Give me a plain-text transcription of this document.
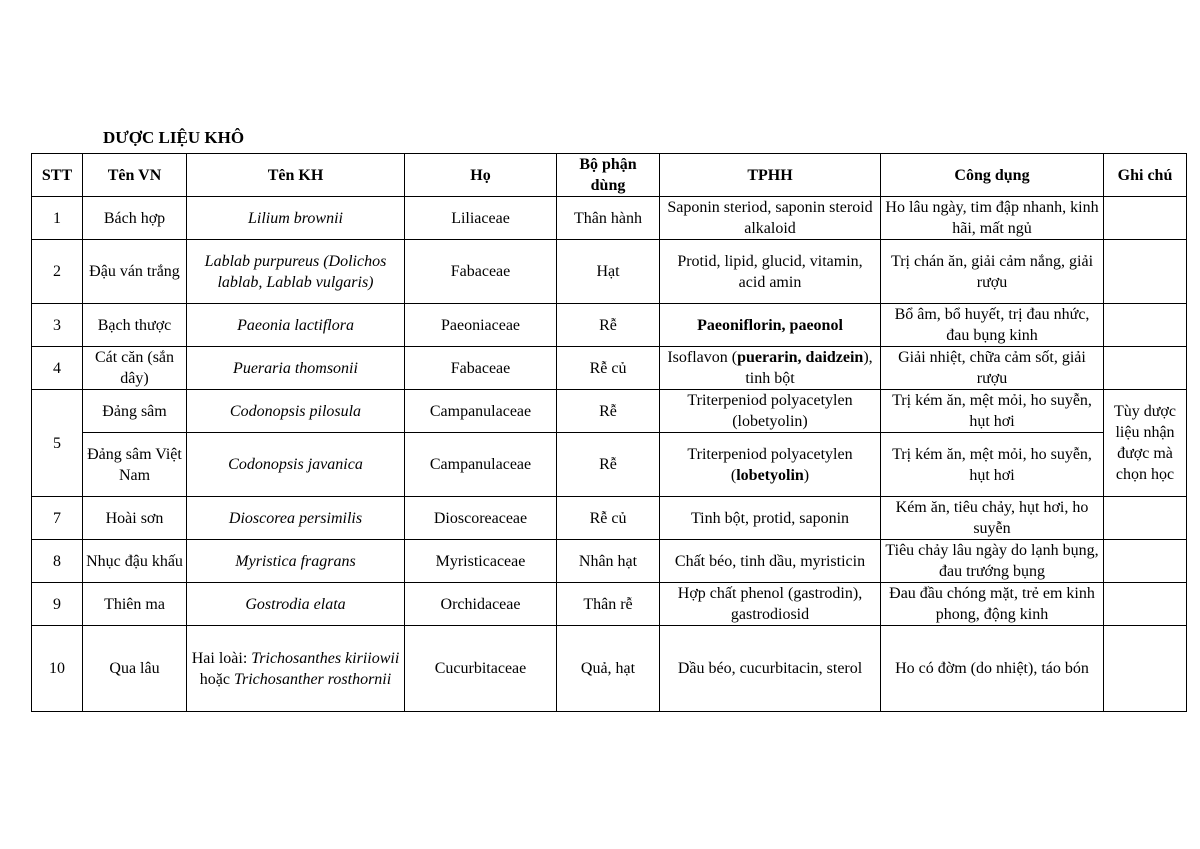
DƯỢC LIỆU KHÔ
STT	Tên VN	Tên KH	Họ	Bộ phận dùng	TPHH	Công dụng	Ghi chú
1	Bách hợp	Lilium brownii	Liliaceae	Thân hành	Saponin steriod, saponin steroid alkaloid	Ho lâu ngày, tim đập nhanh, kinh hãi, mất ngủ	
2	Đậu ván trắng	Lablab purpureus (Dolichos lablab, Lablab vulgaris)	Fabaceae	Hạt	Protid, lipid, glucid, vitamin, acid amin	Trị chán ăn, giải cảm nắng, giải rượu	
3	Bạch thược	Paeonia lactiflora	Paeoniaceae	Rễ	Paeoniflorin, paeonol	Bổ âm, bổ huyết, trị đau nhức, đau bụng kinh	
4	Cát căn (sắn dây)	Pueraria thomsonii	Fabaceae	Rễ củ	Isoflavon (puerarin, daidzein), tinh bột	Giải nhiệt, chữa cảm sốt, giải rượu	
5	Đảng sâm	Codonopsis pilosula	Campanulaceae	Rễ	Triterpeniod polyacetylen (lobetyolin)	Trị kém ăn, mệt mỏi, ho suyễn, hụt hơi	Tùy dược liệu nhận được mà chọn học
	Đảng sâm Việt Nam	Codonopsis javanica	Campanulaceae	Rễ	Triterpeniod polyacetylen (lobetyolin)	Trị kém ăn, mệt mỏi, ho suyễn, hụt hơi	
7	Hoài sơn	Dioscorea persimilis	Dioscoreaceae	Rễ củ	Tinh bột, protid, saponin	Kém ăn, tiêu chảy, hụt hơi, ho suyễn	
8	Nhục đậu khấu	Myristica fragrans	Myristicaceae	Nhân hạt	Chất béo, tinh dầu, myristicin	Tiêu chảy lâu ngày do lạnh bụng, đau trướng bụng	
9	Thiên ma	Gostrodia elata	Orchidaceae	Thân rễ	Hợp chất phenol (gastrodin), gastrodiosid	Đau đầu chóng mặt, trẻ em kinh phong, động kinh	
10	Qua lâu	Hai loài: Trichosanthes kiriiowii
hoặc Trichosanther rosthornii	Cucurbitaceae	Quả, hạt	Dầu béo, cucurbitacin, sterol	Ho có đờm (do nhiệt), táo bón	
